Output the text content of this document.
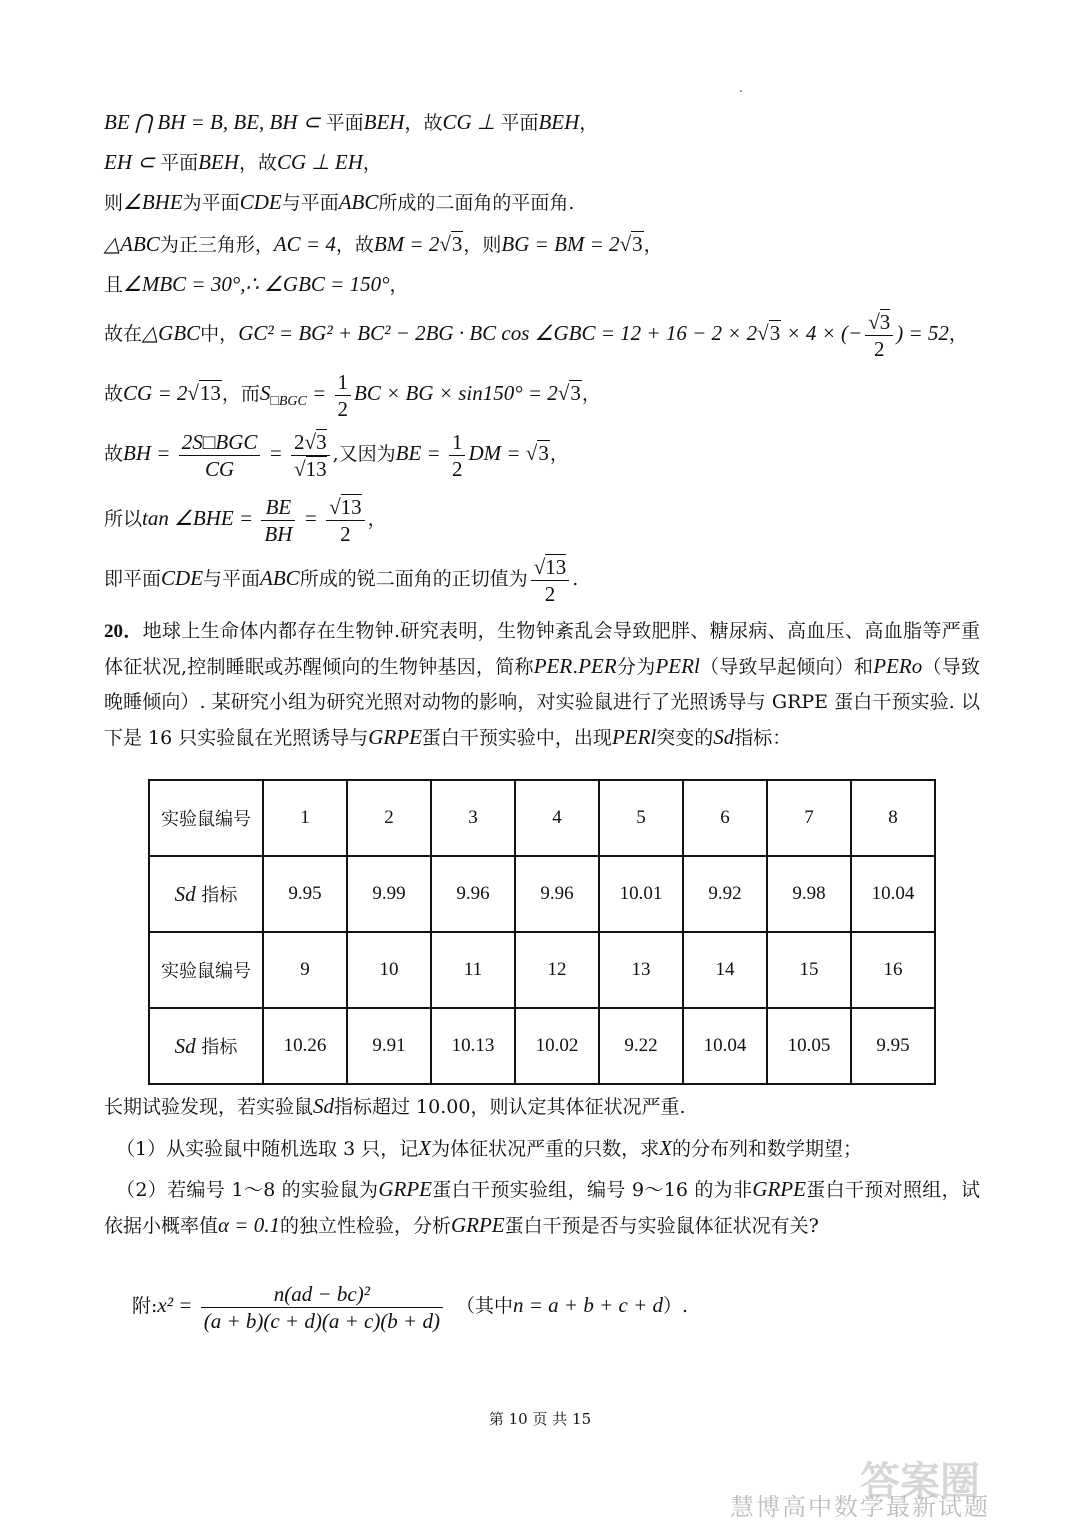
BE ⋂ BH = B, BE, BH ⊂ 平面BEH，故CG ⊥ 平面BEH，
EH ⊂ 平面BEH，故CG ⊥ EH，
则∠BHE为平面CDE与平面ABC所成的二面角的平面角.
△ABC为正三角形，AC = 4，故BM = 2√3，则BG = BM = 2√3，
且∠MBC = 30°,∴ ∠GBC = 150°，
故在△GBC中，GC² = BG² + BC² − 2BG · BC cos ∠GBC = 12 + 16 − 2 × 2√3 × 4 × (− $\frac{√3}{2}$ ) = 52，
故CG = 2√13，而$S_{□BGC} = \frac{1}{2}$ BC × BG × sin150° = 2√3，
故BH = $\frac{\text{2S□BGC}}{CG} = \frac{2√3}{√13}$ ,又因为BE = $\frac{1}{2}$ DM = √3，
所以tan ∠BHE = $\frac{BE}{BH} = \frac{√13}{2}$ ，
即平面CDE与平面ABC所成的锐二面角的正切值为 $\frac{√13}{2}$ .
20．地球上生命体内都存在生物钟.研究表明，生物钟紊乱会导致肥胖、糖尿病、高血压、高血脂等严重体征状况,控制睡眠或苏醒倾向的生物钟基因，简称PER.PER分为PERl（导致早起倾向）和PERo（导致晚睡倾向）. 某研究小组为研究光照对动物的影响，对实验鼠进行了光照诱导与 GRPE 蛋白干预实验. 以下是 16 只实验鼠在光照诱导与GRPE蛋白干预实验中，出现PERl突变的Sd指标：
实验鼠编号	1	2	3	4	5	6	7	8
Sd 指标	9.95	9.99	9.96	9.96	10.01	9.92	9.98	10.04
实验鼠编号	9	10	11	12	13	14	15	16
Sd 指标	10.26	9.91	10.13	10.02	9.22	10.04	10.05	9.95
长期试验发现，若实验鼠Sd指标超过 10.00，则认定其体征状况严重.
（1）从实验鼠中随机选取 3 只，记X为体征状况严重的只数，求X的分布列和数学期望；
（2）若编号 1～8 的实验鼠为GRPE蛋白干预实验组，编号 9～16 的为非GRPE蛋白干预对照组，试依据小概率值α = 0.1的独立性检验，分析GRPE蛋白干预是否与实验鼠体征状况有关?
附:x² = $\frac{\text{n(ad − bc)²}}{(a + b)(c + d)(a + c)(b + d)}$ （其中n = a + b + c + d）.
第 10 页 共 15
答案圈
慧博高中数学最新试题
